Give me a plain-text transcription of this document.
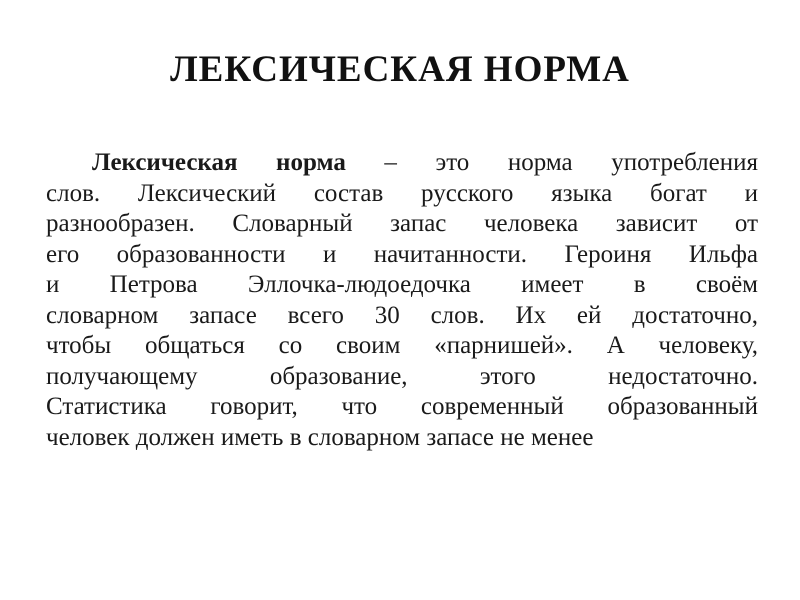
ЛЕКСИЧЕСКАЯ НОРМА
Лексическая норма – это норма употребления
слов. Лексический состав русского языка богат и
разнообразен. Словарный запас человека зависит от
его образованности и начитанности. Героиня Ильфа
и Петрова Эллочка-людоедочка имеет в своём
словарном запасе всего 30 слов. Их ей достаточно,
чтобы общаться со своим «парнишей». А человеку,
получающему образование, этого недостаточно.
Статистика говорит, что современный образованный
человек должен иметь в словарном запасе не менее
